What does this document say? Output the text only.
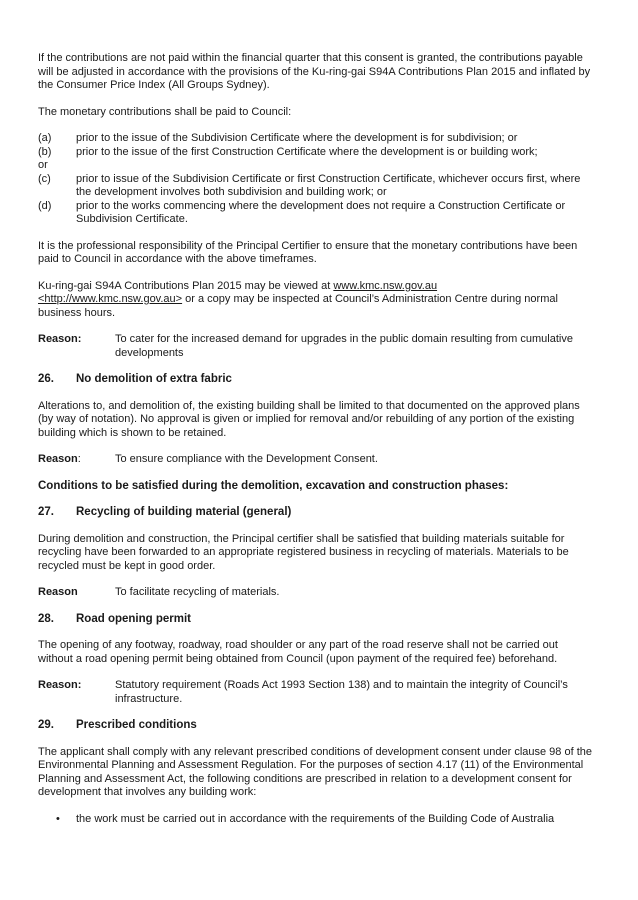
If the contributions are not paid within the financial quarter that this consent is granted, the contributions payable will be adjusted in accordance with the provisions of the Ku-ring-gai S94A Contributions Plan 2015 and inflated by the Consumer Price Index (All Groups Sydney).

The monetary contributions shall be paid to Council:

(a)	prior to the issue of the Subdivision Certificate where the development is for subdivision; or
(b)	prior to the issue of the first Construction Certificate where the development is or building work;

or

(c)	prior to issue of the Subdivision Certificate or first Construction Certificate, whichever occurs first, where the development involves both subdivision and building work; or
(d)	prior to the works commencing where the development does not require a Construction Certificate or Subdivision Certificate.

It is the professional responsibility of the Principal Certifier to ensure that the monetary contributions have been paid to Council in accordance with the above timeframes.

Ku-ring-gai S94A Contributions Plan 2015 may be viewed at www.kmc.nsw.gov.au
<http://www.kmc.nsw.gov.au> or a copy may be inspected at Council’s Administration Centre during normal business hours.

Reason:	To cater for the increased demand for upgrades in the public domain resulting from cumulative developments
26.	No demolition of extra fabric

Alterations to, and demolition of, the existing building shall be limited to that documented on the approved plans (by way of notation). No approval is given or implied for removal and/or rebuilding of any portion of the existing building which is shown to be retained.

Reason:	To ensure compliance with the Development Consent.

Conditions to be satisfied during the demolition, excavation and construction phases:

27.	Recycling of building material (general)

During demolition and construction, the Principal certifier shall be satisfied that building materials suitable for recycling have been forwarded to an appropriate registered business in recycling of materials. Materials to be recycled must be kept in good order.

Reason	To facilitate recycling of materials.
28.	Road opening permit

The opening of any footway, roadway, road shoulder or any part of the road reserve shall not be carried out without a road opening permit being obtained from Council (upon payment of the required fee) beforehand.

Reason:	Statutory requirement (Roads Act 1993 Section 138) and to maintain the integrity of Council’s infrastructure.
29.	Prescribed conditions

The applicant shall comply with any relevant prescribed conditions of development consent under clause 98 of the Environmental Planning and Assessment Regulation. For the purposes of section 4.17 (11) of the Environmental Planning and Assessment Act, the following conditions are prescribed in relation to a development consent for development that involves any building work:

•	the work must be carried out in accordance with the requirements of the Building Code of Australia
